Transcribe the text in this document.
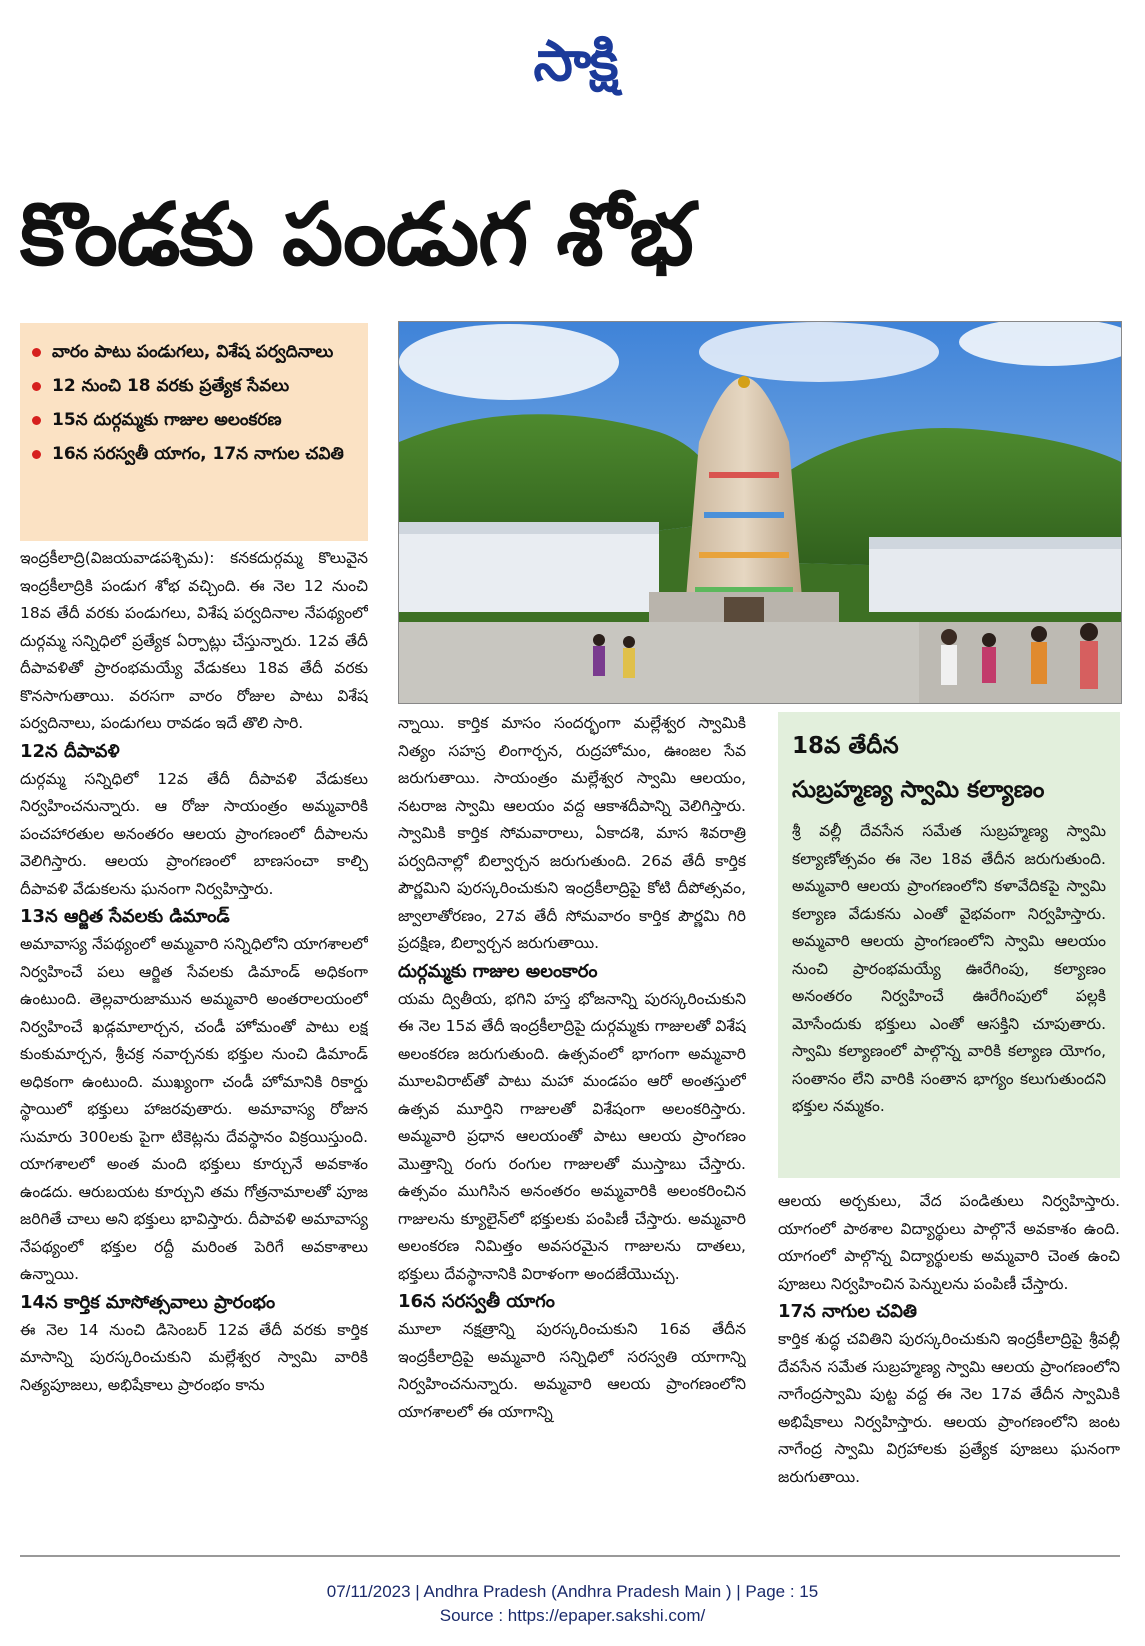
సాక్షి
కొండకు పండుగ శోభ
వారం పాటు పండుగలు, విశేష పర్వదినాలు
12 నుంచి 18 వరకు ప్రత్యేక సేవలు
15న దుర్గమ్మకు గాజుల అలంకరణ
16న సరస్వతీ యాగం, 17న నాగుల చవితి

ఇంద్రకీలాద్రి(విజయవాడపశ్చిమ): కనకదుర్గమ్మ కొలువైన ఇంద్రకీలాద్రికి పండుగ శోభ వచ్చింది. ఈ నెల 12 నుంచి 18వ తేదీ వరకు పండుగలు, విశేష పర్వదినాల నేపథ్యంలో దుర్గమ్మ సన్నిధిలో ప్రత్యేక ఏర్పాట్లు చేస్తున్నారు. 12వ తేదీ దీపావళితో ప్రారంభమయ్యే వేడుకలు 18వ తేదీ వరకు కొనసాగుతాయి. వరసగా వారం రోజుల పాటు విశేష పర్వదినాలు, పండుగలు రావడం ఇదే తొలి సారి.

12న దీపావళి

దుర్గమ్మ సన్నిధిలో 12వ తేదీ దీపావళి వేడుకలు నిర్వహించనున్నారు. ఆ రోజు సాయంత్రం అమ్మవారికి పంచహారతుల అనంతరం ఆలయ ప్రాంగణంలో దీపాలను వెలిగిస్తారు. ఆలయ ప్రాంగణంలో బాణసంచా కాల్చి దీపావళి వేడుకలను ఘనంగా నిర్వహిస్తారు.

13న ఆర్జిత సేవలకు డిమాండ్

అమావాస్య నేపథ్యంలో అమ్మవారి సన్నిధిలోని యాగశాలలో నిర్వహించే పలు ఆర్జిత సేవలకు డిమాండ్ అధికంగా ఉంటుంది. తెల్లవారుజామున అమ్మవారి అంతరాలయంలో నిర్వహించే ఖడ్గమాలార్చన, చండీ హోమంతో పాటు లక్ష కుంకుమార్చన, శ్రీచక్ర నవార్చనకు భక్తుల నుంచి డిమాండ్ అధికంగా ఉంటుంది. ముఖ్యంగా చండీ హోమానికి రికార్డు స్థాయిలో భక్తులు హాజరవుతారు. అమావాస్య రోజున సుమారు 300లకు పైగా టికెట్లను దేవస్థానం విక్రయిస్తుంది. యాగశాలలో అంత మంది భక్తులు కూర్చునే అవకాశం ఉండదు. ఆరుబయట కూర్చుని తమ గోత్రనామాలతో పూజ జరిగితే చాలు అని భక్తులు భావిస్తారు. దీపావళి అమావాస్య నేపథ్యంలో భక్తుల రద్దీ మరింత పెరిగే అవకాశాలు ఉన్నాయి.

14న కార్తిక మాసోత్సవాలు ప్రారంభం

ఈ నెల 14 నుంచి డిసెంబర్ 12వ తేదీ వరకు కార్తిక మాసాన్ని పురస్కరించుకుని మల్లేశ్వర స్వామి వారికి నిత్యపూజలు, అభిషేకాలు ప్రారంభం కాను

న్నాయి. కార్తిక మాసం సందర్భంగా మల్లేశ్వర స్వామికి నిత్యం సహస్ర లింగార్చన, రుద్రహోమం, ఊంజల సేవ జరుగుతాయి. సాయంత్రం మల్లేశ్వర స్వామి ఆలయం, నటరాజ స్వామి ఆలయం వద్ద ఆకాశదీపాన్ని వెలిగిస్తారు. స్వామికి కార్తిక సోమవారాలు, ఏకాదశి, మాస శివరాత్రి పర్వదినాల్లో బిల్వార్చన జరుగుతుంది. 26వ తేదీ కార్తిక పౌర్ణమిని పురస్కరించుకుని ఇంద్రకీలాద్రిపై కోటి దీపోత్సవం, జ్వాలాతోరణం, 27వ తేదీ సోమవారం కార్తిక పౌర్ణమి గిరి ప్రదక్షిణ, బిల్వార్చన జరుగుతాయి.

దుర్గమ్మకు గాజుల అలంకారం

యమ ద్వితీయ, భగిని హస్త భోజనాన్ని పురస్కరించుకుని ఈ నెల 15వ తేదీ ఇంద్రకీలాద్రిపై దుర్గమ్మకు గాజులతో విశేష అలంకరణ జరుగుతుంది. ఉత్సవంలో భాగంగా అమ్మవారి మూలవిరాట్‌తో పాటు మహా మండపం ఆరో అంతస్తులో ఉత్సవ మూర్తిని గాజులతో విశేషంగా అలంకరిస్తారు. అమ్మవారి ప్రధాన ఆలయంతో పాటు ఆలయ ప్రాంగణం మొత్తాన్ని రంగు రంగుల గాజులతో ముస్తాబు చేస్తారు. ఉత్సవం ముగిసిన అనంతరం అమ్మవారికి అలంకరించిన గాజులను క్యూలైన్‌లో భక్తులకు పంపిణీ చేస్తారు. అమ్మవారి అలంకరణ నిమిత్తం అవసరమైన గాజులను దాతలు, భక్తులు దేవస్థానానికి విరాళంగా అందజేయొచ్చు.

16న సరస్వతీ యాగం

మూలా నక్షత్రాన్ని పురస్కరించుకుని 16వ తేదీన ఇంద్రకీలాద్రిపై అమ్మవారి సన్నిధిలో సరస్వతి యాగాన్ని నిర్వహించనున్నారు. అమ్మవారి ఆలయ ప్రాంగణంలోని యాగశాలలో ఈ యాగాన్ని

18వ తేదీన
సుబ్రహ్మణ్య స్వామి కల్యాణం

శ్రీ వల్లీ దేవసేన సమేత సుబ్రహ్మణ్య స్వామి కల్యాణోత్సవం ఈ నెల 18వ తేదీన జరుగుతుంది. అమ్మవారి ఆలయ ప్రాంగణంలోని కళావేదికపై స్వామి కల్యాణ వేడుకను ఎంతో వైభవంగా నిర్వహిస్తారు. అమ్మవారి ఆలయ ప్రాంగణంలోని స్వామి ఆలయం నుంచి ప్రారంభమయ్యే ఊరేగింపు, కల్యాణం అనంతరం నిర్వహించే ఊరేగింపులో పల్లకి మోసేందుకు భక్తులు ఎంతో ఆసక్తిని చూపుతారు. స్వామి కల్యాణంలో పాల్గొన్న వారికి కల్యాణ యోగం, సంతానం లేని వారికి సంతాన భాగ్యం కలుగుతుందని భక్తుల నమ్మకం.

ఆలయ అర్చకులు, వేద పండితులు నిర్వహిస్తారు. యాగంలో పాఠశాల విద్యార్థులు పాల్గొనే అవకాశం ఉంది. యాగంలో పాల్గొన్న విద్యార్థులకు అమ్మవారి చెంత ఉంచి పూజలు నిర్వహించిన పెన్నులను పంపిణీ చేస్తారు.

17న నాగుల చవితి

కార్తిక శుద్ధ చవితిని పురస్కరించుకుని ఇంద్రకీలాద్రిపై శ్రీవల్లీ దేవసేన సమేత సుబ్రహ్మణ్య స్వామి ఆలయ ప్రాంగణంలోని నాగేంద్రస్వామి పుట్ట వద్ద ఈ నెల 17వ తేదీన స్వామికి అభిషేకాలు నిర్వహిస్తారు. ఆలయ ప్రాంగణంలోని జంట నాగేంద్ర స్వామి విగ్రహాలకు ప్రత్యేక పూజలు ఘనంగా జరుగుతాయి.

07/11/2023 | Andhra Pradesh (Andhra Pradesh Main ) | Page : 15
Source : https://epaper.sakshi.com/
